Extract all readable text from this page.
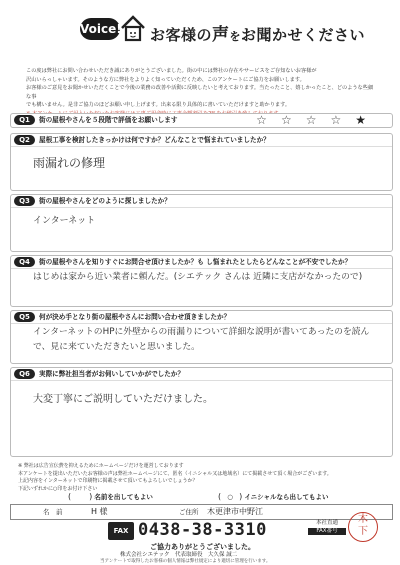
Voice! お客様の声をお聞かせください
この度は弊社にお問い合わせいただき誠にありがとうございました。街の中には弊社の存在やサービスをご存知ないお客様が
沢山いらっしゃいます。そのような方に弊社をよりよく知っていただくため、このアンケートにご協力をお願いします。
お客様のご意見をお聞かせいただくことで今後の業務の改善や活動に反映したいと考えております。当たったこと、嬉しかったこと、どのような些細な事
でも構いません。是非ご協力のほどお願い申し上げます。出来る限り具体的に書いていただけますと助かります。
Q1	街の屋根やさんを５段階で評価をお願いします	☆☆☆☆★
Q2	屋根工事を検討したきっかけは何ですか？どんなことで悩まれていましたか？
雨漏れの修理
Q3	街の屋根やさんをどのように探しましたか？
インターネット
Q4	街の屋根やさんを知りすぐにお問合せ頂けましたか？も し悩まれたとしたらどんなことが不安でしたか？
はじめは家から近い業者に頼んだ。(シエテック さんは 近隣に支店がなかったので)
Q5	何が決め手となり街の屋根やさんにお問い合わせ頂きましたか？
インターネットのHPに外壁からの雨漏りについて詳細な説明が書いてあったのを読んで、見に来ていただきたいと思いました。
Q6	実際に弊社担当者がお伺いしていかがでしたか？
大変丁寧にご説明していただけました。
※ 弊社は広告宣伝費を抑えるためにホームページだけを運営しております
本アンケートを提出いただいたお客様の声は弊社ホームページにて、匿名（イニシャル又は地域名）にて掲載させて頂く場合がございます。
上記内容をインターネットで印刷物に掲載させて頂いてもよろしいでしょうか？
下記いずれかに○印をお付け下さい
( ) 名前を出してもよい	( ○ ) イニシャルなら出してもよい
名　前	H 様	ご住所 木更津市中野江
FAX 0438-38-3310	本社直通
FAX番号
ご協力ありがとうございました。
株式会社シエテック　代表取締役　大久保 誠二
当アンケートで取得したお客様の個人情報は弊社規定により適切に管理を行います。
木下
